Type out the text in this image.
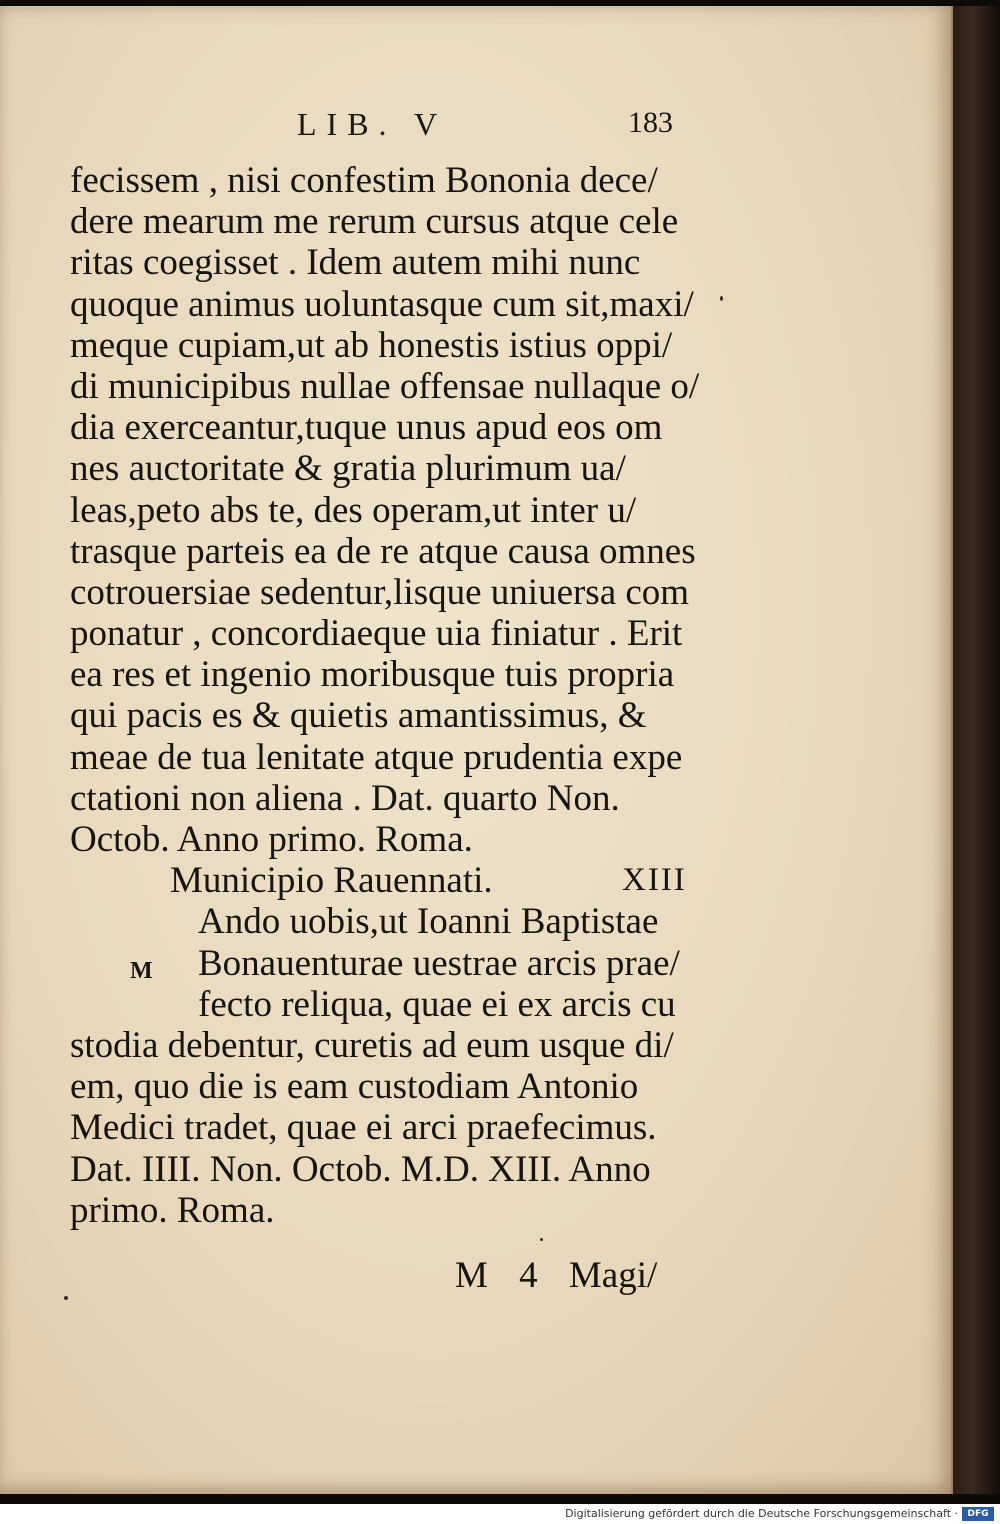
LIB. V	183
fecissem , nisi confestim Bononia dece/
dere mearum me rerum cursus atque cele
ritas coegisset . Idem autem mihi nunc
quoque animus uoluntasque cum sit,maxi/
meque cupiam,ut ab honestis istius oppi/
di municipibus nullae offensae nullaque o/
dia exerceantur,tuque unus apud eos om
nes auctoritate & gratia plurimum ua/
leas,peto abs te, des operam,ut inter u/
trasque parteis ea de re atque causa omnes
cotrouersiae sedentur,lisque uniuersa com
ponatur , concordiaeque uia finiatur . Erit
ea res et ingenio moribusque tuis propria
qui pacis es & quietis amantissimus, &
meae de tua lenitate atque prudentia expe
ctationi non aliena . Dat. quarto Non.
Octob. Anno primo. Roma.
Municipio Rauennati.	XIII
Ando uobis,ut Ioanni Baptistae
M Bonauenturae uestrae arcis prae/
fecto reliqua, quae ei ex arcis cu
stodia debentur, curetis ad eum usque di/
em, quo die is eam custodiam Antonio
Medici tradet, quae ei arci praefecimus.
Dat. IIII. Non. Octob. M.D. XIII. Anno
primo. Roma.
M 4 Magi/
Digitalisierung gefördert durch die Deutsche Forschungsgemeinschaft ·	DFG
